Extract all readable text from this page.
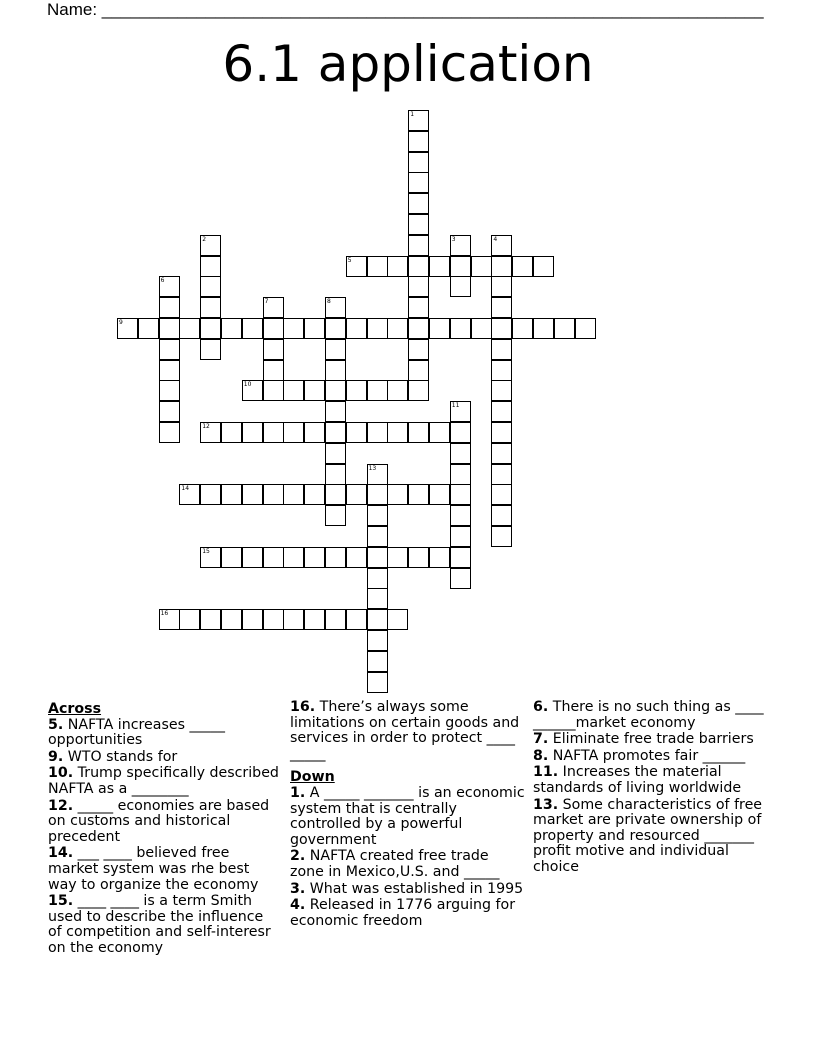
Name: ______________________________________________________________________
6.1 application
1
2	3	4
5
6
7	8
9
10
11
12
13
14
15
16
Across
5. NAFTA increases _____ opportunities
9. WTO stands for
10. Trump specifically described NAFTA as a ________
12. _____ economies are based on customs and historical precedent
14. ___ ____ believed free market system was rhe best way to organize the economy
15. ____ ____ is a term Smith used to describe the influence of competition and self-interesr on the economy
16. There’s always some limitations on certain goods and services in order to protect ____ _____
Down
1. A _____ _______ is an economic system that is centrally controlled by a powerful government
2. NAFTA created free trade zone in Mexico,U.S. and _____
3. What was established in 1995
4. Released in 1776 arguing for economic freedom
6. There is no such thing as ____ ______market economy
7. Eliminate free trade barriers
8. NAFTA promotes fair ______
11. Increases the material standards of living worldwide
13. Some characteristics of free market are private ownership of property and resourced _______ profit motive and individual choice
